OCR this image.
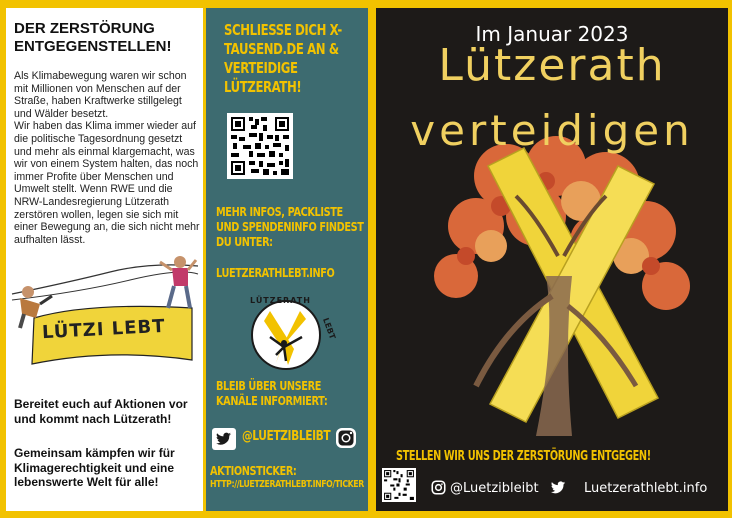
DER ZERSTÖRUNG ENTGEGENSTELLEN!

Als Klimabewegung waren wir schon mit Millionen von Menschen auf der Straße, haben Kraftwerke stillgelegt und Wälder besetzt.

Wir haben das Klima immer wieder auf die politische Tagesordnung gesetzt und mehr als einmal klargemacht, was wir von einem System halten, das noch immer Profite über Menschen und Umwelt stellt. Wenn RWE und die NRW-Landesregierung Lützerath zerstören wollen, legen sie sich mit einer Bewegung an, die sich nicht mehr aufhalten lässt.

LÜTZI LEBT
Bereitet euch auf Aktionen vor und kommt nach Lützerath!
Gemeinsam kämpfen wir für Klimagerechtigkeit und eine lebenswerte Welt für alle!
SCHLIESSE DICH X-TAUSEND.DE AN & VERTEIDIGE LÜTZERATH!
MEHR INFOS, PACKLISTE UND SPENDENINFO FINDEST DU UNTER:
LUETZERATHLEBT.INFO
LÜTZERATH
LEBT
BLEIB ÜBER UNSERE KANÄLE INFORMIERT:
@LUETZIBLEIBT
AKTIONSTICKER:
HTTP://LUETZERATHLEBT.INFO/TICKER
Im Januar 2023
Lützerath
verteidigen
STELLEN WIR UNS DER ZERSTÖRUNG ENTGEGEN!
@Luetzibleibt	Luetzerathlebt.info
